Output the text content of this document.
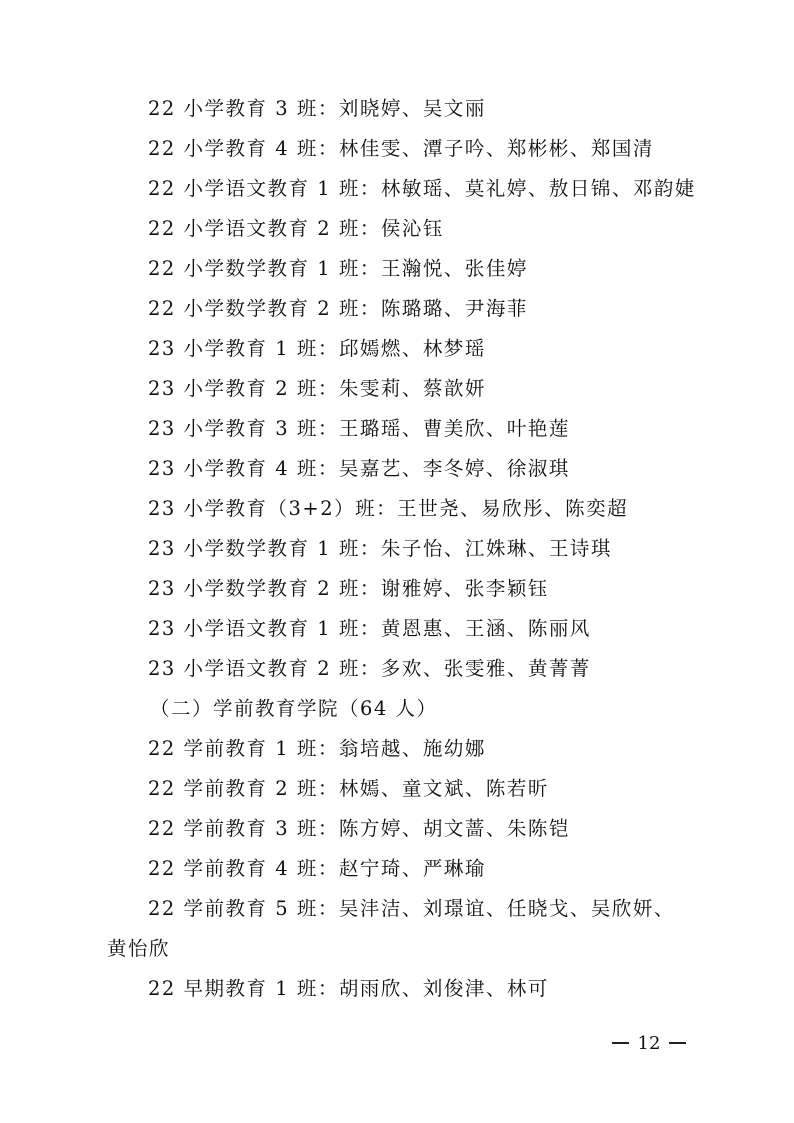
22 小学教育 3 班：刘晓婷、吴文丽
22 小学教育 4 班：林佳雯、潭子吟、郑彬彬、郑国清
22 小学语文教育 1 班：林敏瑶、莫礼婷、敖日锦、邓韵婕
22 小学语文教育 2 班：侯沁钰
22 小学数学教育 1 班：王瀚悦、张佳婷
22 小学数学教育 2 班：陈璐璐、尹海菲
23 小学教育 1 班：邱嫣燃、林梦瑶
23 小学教育 2 班：朱雯莉、蔡歆妍
23 小学教育 3 班：王璐瑶、曹美欣、叶艳莲
23 小学教育 4 班：吴嘉艺、李冬婷、徐淑琪
23 小学教育（3+2）班：王世尧、易欣彤、陈奕超
23 小学数学教育 1 班：朱子怡、江姝琳、王诗琪
23 小学数学教育 2 班：谢雅婷、张李颖钰
23 小学语文教育 1 班：黄恩惠、王涵、陈丽风
23 小学语文教育 2 班：多欢、张雯雅、黄菁菁
（二）学前教育学院（64 人）
22 学前教育 1 班：翁培越、施幼娜
22 学前教育 2 班：林嫣、童文斌、陈若昕
22 学前教育 3 班：陈方婷、胡文蔷、朱陈铠
22 学前教育 4 班：赵宁琦、严琳瑜
22 学前教育 5 班：吴沣洁、刘璟谊、任晓戈、吴欣妍、
黄怡欣
22 早期教育 1 班：胡雨欣、刘俊津、林可
12
